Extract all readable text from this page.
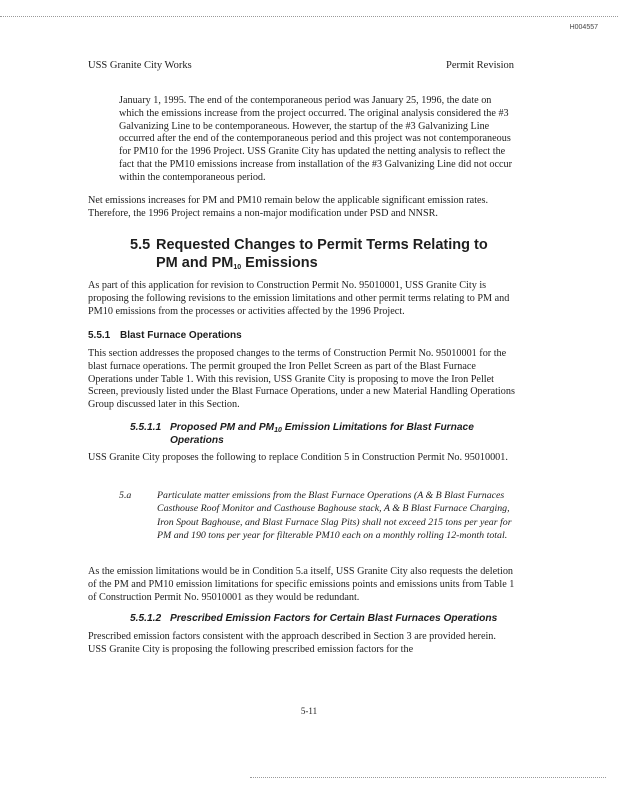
H004557
USS Granite City Works	Permit Revision

January 1, 1995. The end of the contemporaneous period was January 25, 1996, the date on which the emissions increase from the project occurred. The original analysis considered the #3 Galvanizing Line to be contemporaneous. However, the startup of the #3 Galvanizing Line occurred after the end of the contemporaneous period and this project was not contemporaneous for PM10 for the 1996 Project. USS Granite City has updated the netting analysis to reflect the fact that the PM10 emissions increase from installation of the #3 Galvanizing Line did not occur within the contemporaneous period.

Net emissions increases for PM and PM10 remain below the applicable significant emission rates. Therefore, the 1996 Project remains a non-major modification under PSD and NNSR.

5.5 Requested Changes to Permit Terms Relating to
PM and $PM_{10}$ Emissions

As part of this application for revision to Construction Permit No. 95010001, USS Granite City is proposing the following revisions to the emission limitations and other permit terms relating to PM and PM10 emissions from the processes or activities affected by the 1996 Project.

5.5.1 Blast Furnace Operations

This section addresses the proposed changes to the terms of Construction Permit No. 95010001 for the blast furnace operations. The permit grouped the Iron Pellet Screen as part of the Blast Furnace Operations under Table 1. With this revision, USS Granite City is proposing to move the Iron Pellet Screen, previously listed under the Blast Furnace Operations, under a new Material Handling Operations Group discussed later in this Section.

5.5.1.1 Proposed PM and $PM_{10}$ Emission Limitations for Blast Furnace
Operations

USS Granite City proposes the following to replace Condition 5 in Construction Permit No. 95010001.

5.a	Particulate matter emissions from the Blast Furnace Operations (A & B Blast Furnaces Casthouse Roof Monitor and Casthouse Baghouse stack, A & B Blast Furnace Charging, Iron Spout Baghouse, and Blast Furnace Slag Pits) shall not exceed 215 tons per year for PM and 190 tons per year for filterable PM10 each on a monthly rolling 12-month total.

As the emission limitations would be in Condition 5.a itself, USS Granite City also requests the deletion of the PM and PM10 emission limitations for specific emissions points and emissions units from Table 1 of Construction Permit No. 95010001 as they would be redundant.

5.5.1.2 Prescribed Emission Factors for Certain Blast Furnaces Operations

Prescribed emission factors consistent with the approach described in Section 3 are provided herein. USS Granite City is proposing the following prescribed emission factors for the

5-11
